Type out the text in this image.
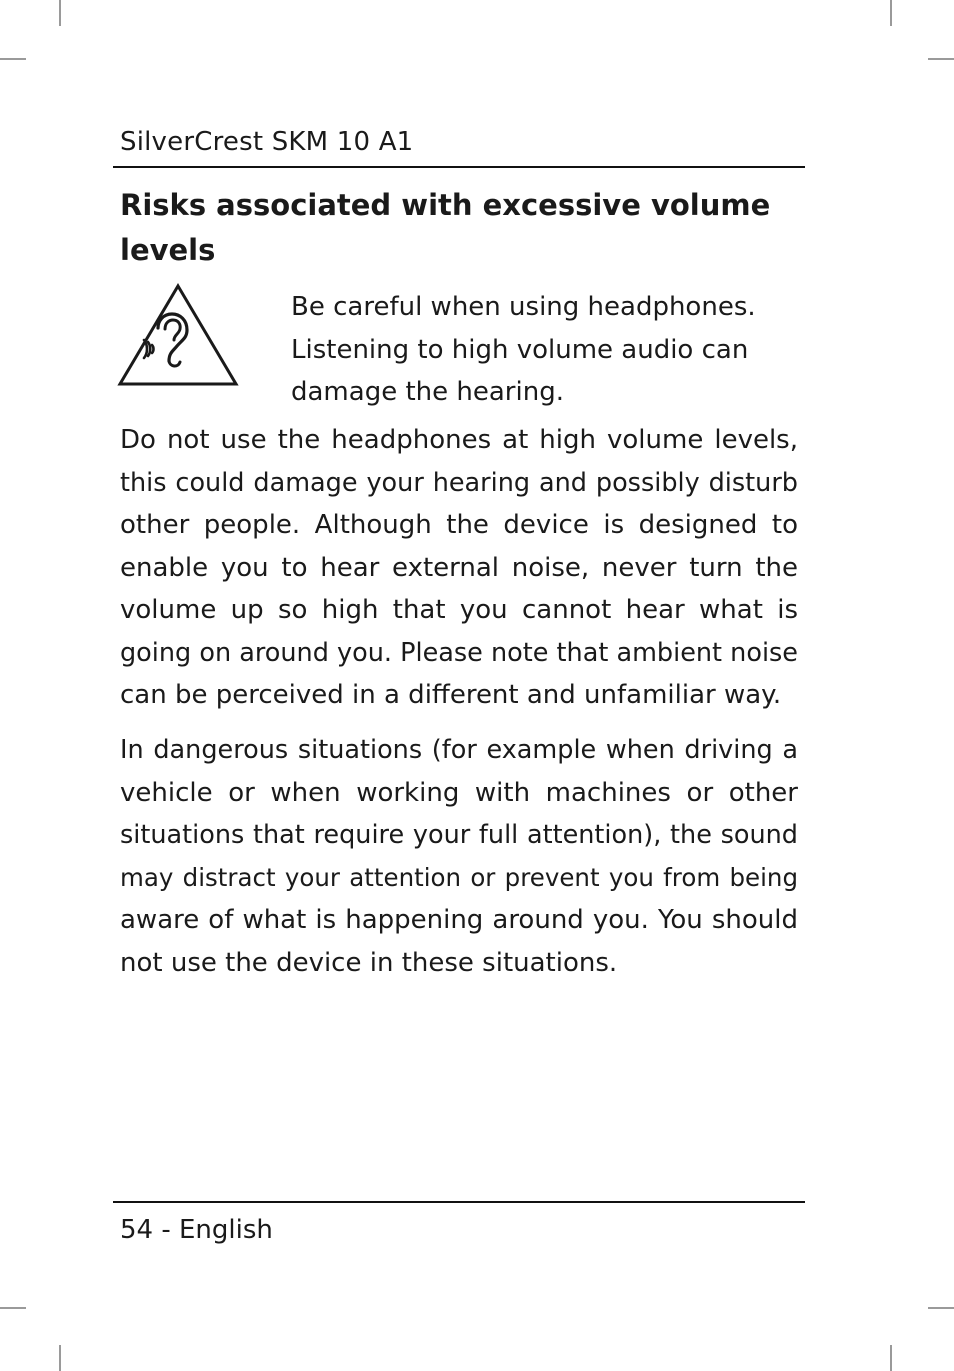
SilverCrest SKM 10 A1
Risks associated with excessive volume
levels
Be careful when using headphones.
Listening to high volume audio can
damage the hearing.
Do not use the headphones at high volume levels,
this could damage your hearing and possibly disturb
other people. Although the device is designed to
enable you to hear external noise, never turn the
volume up so high that you cannot hear what is
going on around you. Please note that ambient noise
can be perceived in a different and unfamiliar way.
In dangerous situations (for example when driving a
vehicle or when working with machines or other
situations that require your full attention), the sound
may distract your attention or prevent you from being
aware of what is happening around you. You should
not use the device in these situations.
54 - English
